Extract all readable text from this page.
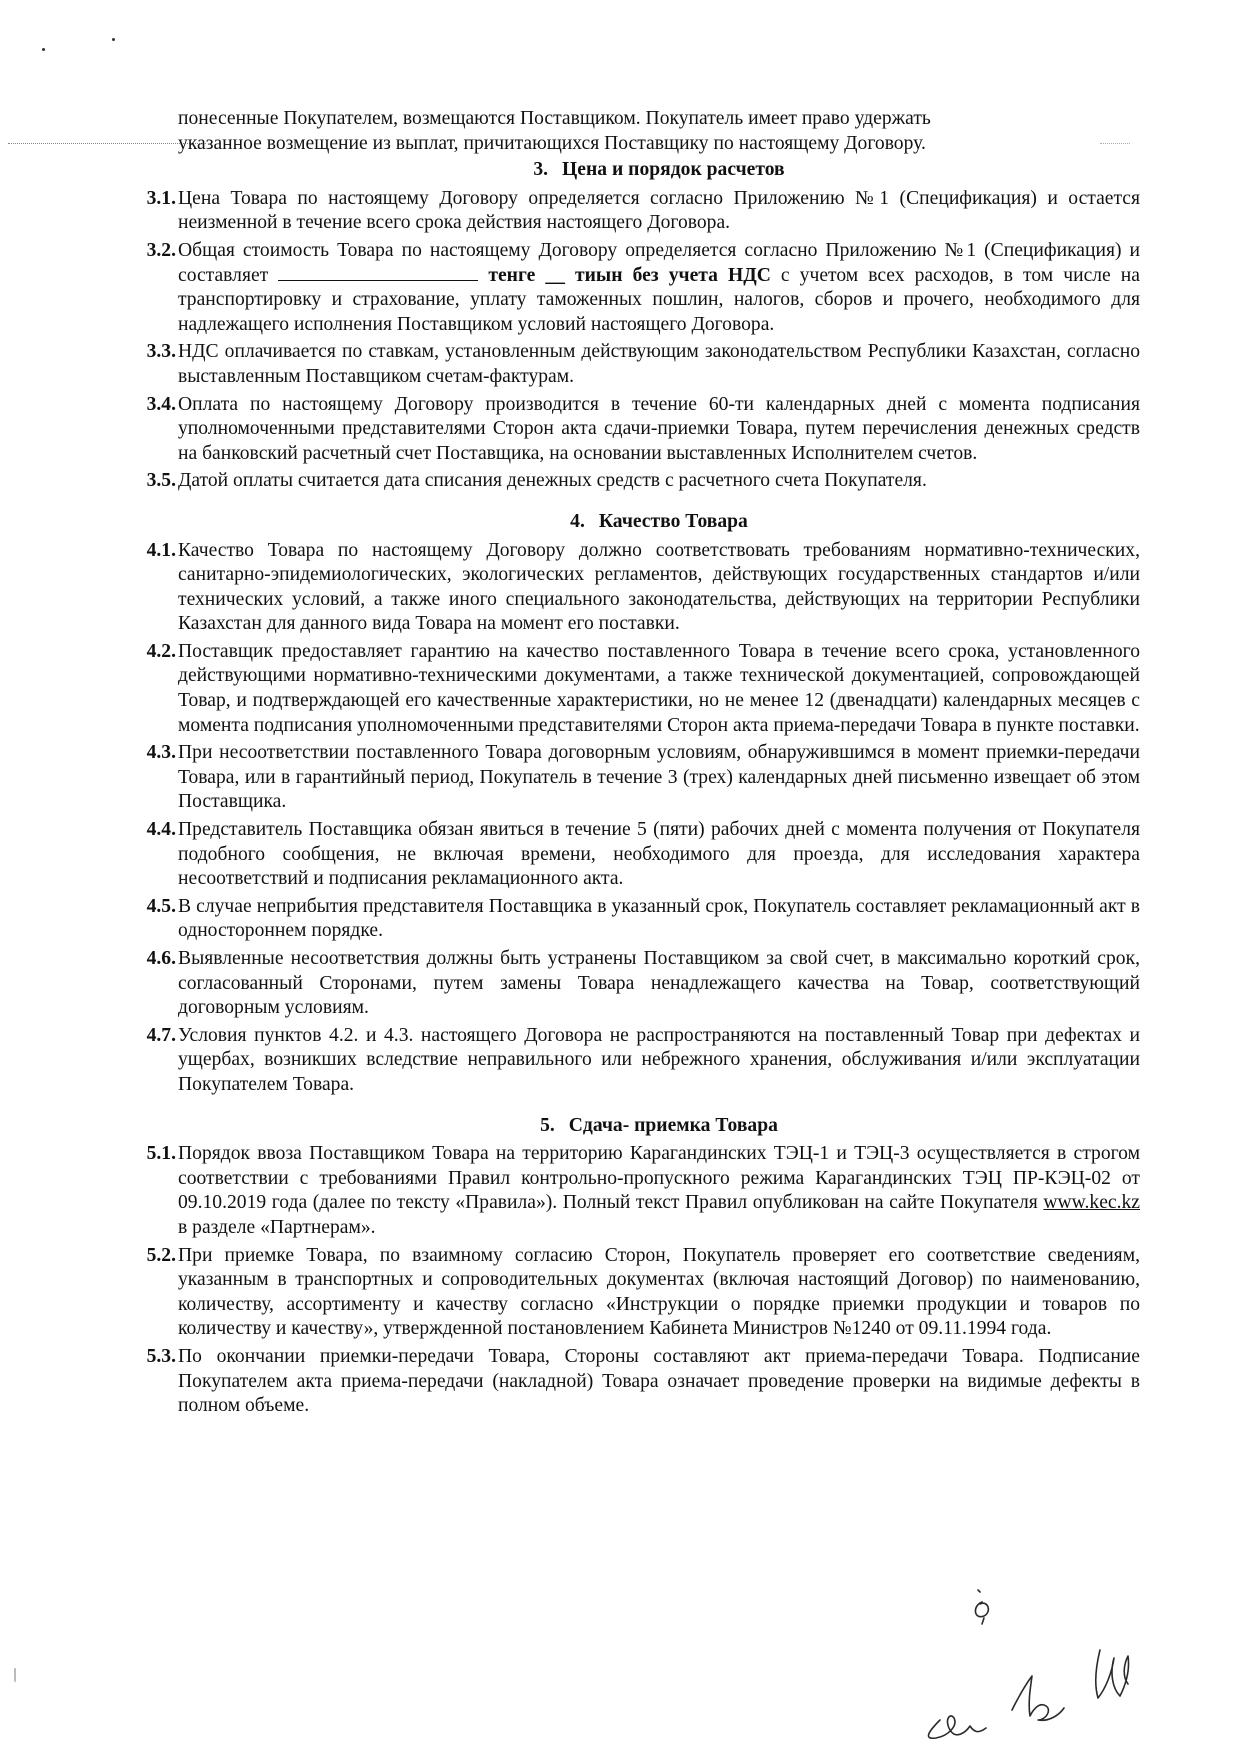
понесенные Покупателем, возмещаются Поставщиком. Покупатель имеет право удержать
указанное возмещение из выплат, причитающихся Поставщику по настоящему Договору.
3. Цена и порядок расчетов
3.1. Цена Товара по настоящему Договору определяется согласно Приложению №1 (Спецификация) и остается неизменной в течение всего срока действия настоящего Договора.
3.2. Общая стоимость Товара по настоящему Договору определяется согласно Приложению №1 (Спецификация) и составляет	тенге __ тиын без учета НДС с учетом всех расходов, в том числе на транспортировку и страхование, уплату таможенных пошлин, налогов, сборов и прочего, необходимого для надлежащего исполнения Поставщиком условий настоящего Договора.
3.3. НДС оплачивается по ставкам, установленным действующим законодательством Республики Казахстан, согласно выставленным Поставщиком счетам-фактурам.
3.4. Оплата по настоящему Договору производится в течение 60-ти календарных дней с момента подписания уполномоченными представителями Сторон акта сдачи-приемки Товара, путем перечисления денежных средств на банковский расчетный счет Поставщика, на основании выставленных Исполнителем счетов.
3.5. Датой оплаты считается дата списания денежных средств с расчетного счета Покупателя.
4. Качество Товара
4.1. Качество Товара по настоящему Договору должно соответствовать требованиям нормативно-технических, санитарно-эпидемиологических, экологических регламентов, действующих государственных стандартов и/или технических условий, а также иного специального законодательства, действующих на территории Республики Казахстан для данного вида Товара на момент его поставки.
4.2. Поставщик предоставляет гарантию на качество поставленного Товара в течение всего срока, установленного действующими нормативно-техническими документами, а также технической документацией, сопровождающей Товар, и подтверждающей его качественные характеристики, но не менее 12 (двенадцати) календарных месяцев с момента подписания уполномоченными представителями Сторон акта приема-передачи Товара в пункте поставки.
4.3. При несоответствии поставленного Товара договорным условиям, обнаружившимся в момент приемки-передачи Товара, или в гарантийный период, Покупатель в течение 3 (трех) календарных дней письменно извещает об этом Поставщика.
4.4. Представитель Поставщика обязан явиться в течение 5 (пяти) рабочих дней с момента получения от Покупателя подобного сообщения, не включая времени, необходимого для проезда, для исследования характера несоответствий и подписания рекламационного акта.
4.5. В случае неприбытия представителя Поставщика в указанный срок, Покупатель составляет рекламационный акт в одностороннем порядке.
4.6. Выявленные несоответствия должны быть устранены Поставщиком за свой счет, в максимально короткий срок, согласованный Сторонами, путем замены Товара ненадлежащего качества на Товар, соответствующий договорным условиям.
4.7. Условия пунктов 4.2. и 4.3. настоящего Договора не распространяются на поставленный Товар при дефектах и ущербах, возникших вследствие неправильного или небрежного хранения, обслуживания и/или эксплуатации Покупателем Товара.
5. Сдача- приемка Товара
5.1. Порядок ввоза Поставщиком Товара на территорию Карагандинских ТЭЦ-1 и ТЭЦ-3 осуществляется в строгом соответствии с требованиями Правил контрольно-пропускного режима Карагандинских ТЭЦ ПР-КЭЦ-02 от 09.10.2019 года (далее по тексту «Правила»). Полный текст Правил опубликован на сайте Покупателя www.kec.kz в разделе «Партнерам».
5.2. При приемке Товара, по взаимному согласию Сторон, Покупатель проверяет его соответствие сведениям, указанным в транспортных и сопроводительных документах (включая настоящий Договор) по наименованию, количеству, ассортименту и качеству согласно «Инструкции о порядке приемки продукции и товаров по количеству и качеству», утвержденной постановлением Кабинета Министров №1240 от 09.11.1994 года.
5.3. По окончании приемки-передачи Товара, Стороны составляют акт приема-передачи Товара. Подписание Покупателем акта приема-передачи (накладной) Товара означает проведение проверки на видимые дефекты в полном объеме.
